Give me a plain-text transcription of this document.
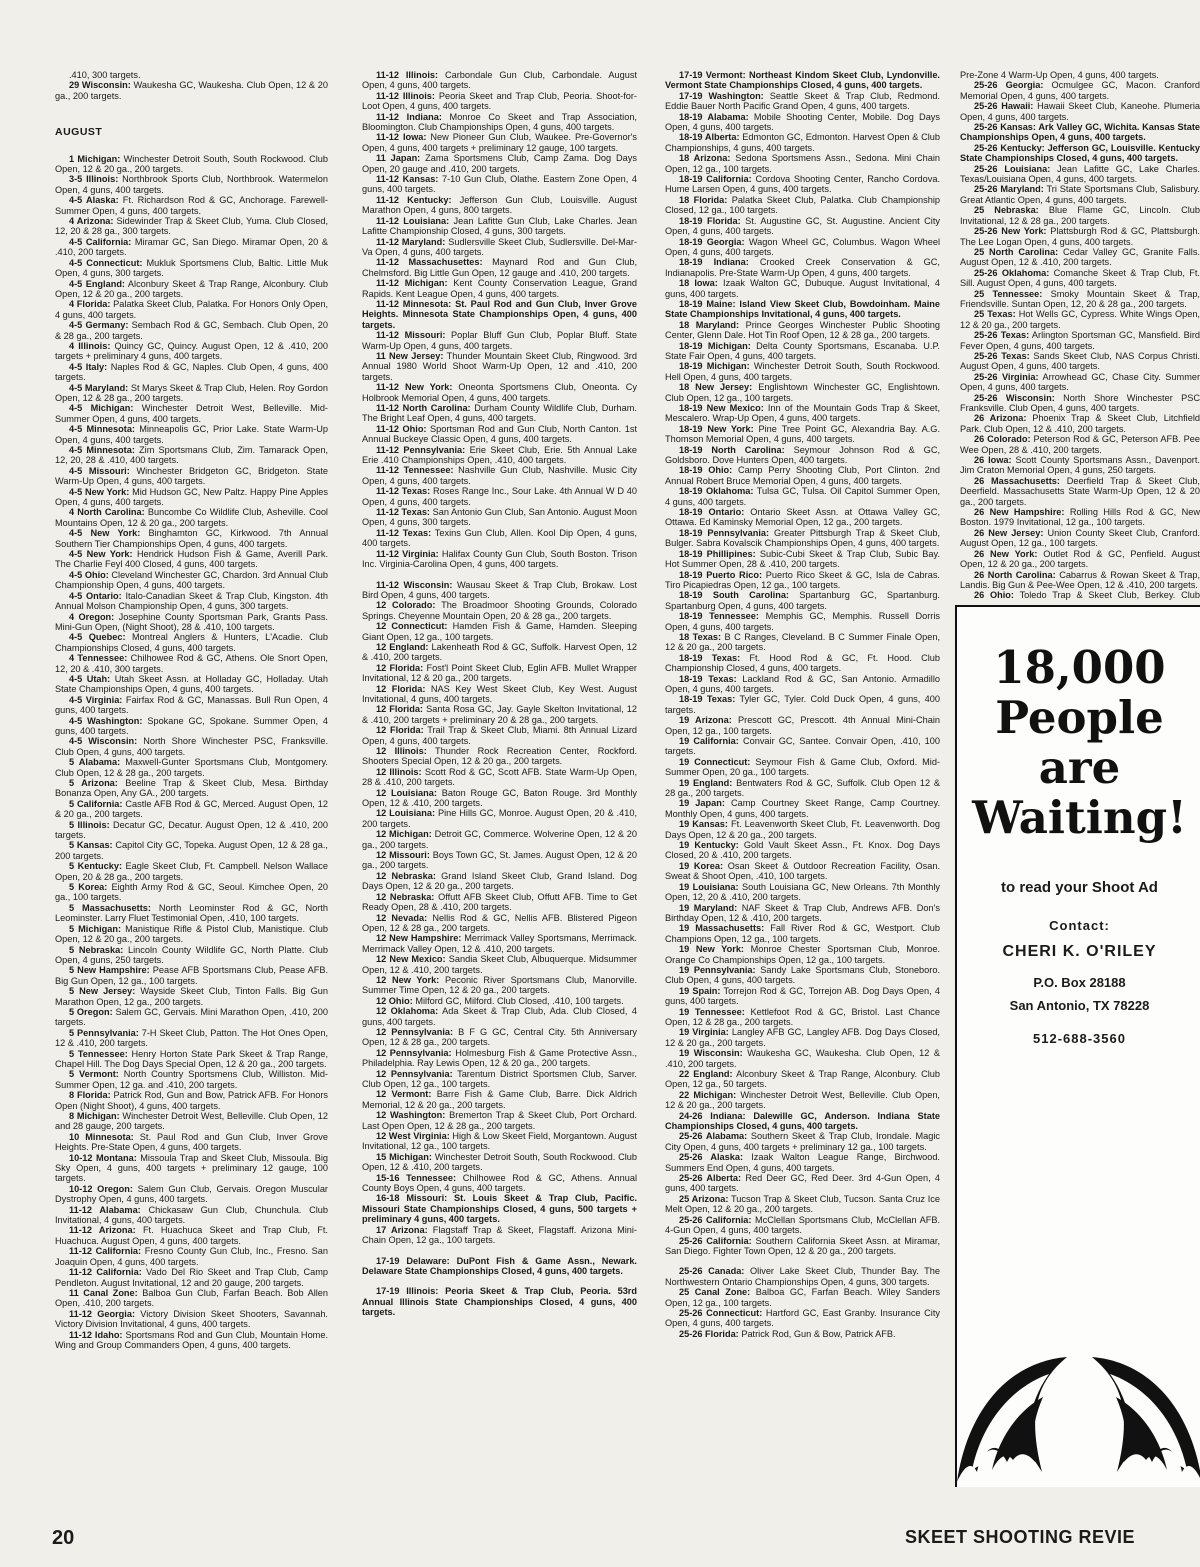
.410, 300 targets.

29 Wisconsin: Waukesha GC, Waukesha. Club Open, 12 & 20 ga., 200 targets.

AUGUST

1 Michigan: Winchester Detroit South, South Rockwood. Club Open, 12 & 20 ga., 200 targets.

3-5 Illinois: Northbrook Sports Club, Northbrook. Watermelon Open, 4 guns, 400 targets.

4-5 Alaska: Ft. Richardson Rod & GC, Anchorage. Farewell-Summer Open, 4 guns, 400 targets.

4 Arizona: Sidewinder Trap & Skeet Club, Yuma. Club Closed, 12, 20 & 28 ga., 300 targets.

4-5 California: Miramar GC, San Diego. Miramar Open, 20 & .410, 200 targets.

4-5 Connecticut: Mukluk Sportsmens Club, Baltic. Little Muk Open, 4 guns, 300 targets.

4-5 England: Alconbury Skeet & Trap Range, Alconbury. Club Open, 12 & 20 ga., 200 targets.

4 Florida: Palatka Skeet Club, Palatka. For Honors Only Open, 4 guns, 400 targets.

4-5 Germany: Sembach Rod & GC, Sembach. Club Open, 20 & 28 ga., 200 targets.

4 Illinois: Quincy GC, Quincy. August Open, 12 & .410, 200 targets + preliminary 4 guns, 400 targets.

4-5 Italy: Naples Rod & GC, Naples. Club Open, 4 guns, 400 targets.

4-5 Maryland: St Marys Skeet & Trap Club, Helen. Roy Gordon Open, 12 & 28 ga., 200 targets.

4-5 Michigan: Winchester Detroit West, Belleville. Mid-Summer Open, 4 guns, 400 targets.

4-5 Minnesota: Minneapolis GC, Prior Lake. State Warm-Up Open, 4 guns, 400 targets.

4-5 Minnesota: Zim Sportsmans Club, Zim. Tamarack Open, 12, 20, 28 & .410, 400 targets.

4-5 Missouri: Winchester Bridgeton GC, Bridgeton. State Warm-Up Open, 4 guns, 400 targets.

4-5 New York: Mid Hudson GC, New Paltz. Happy Pine Apples Open, 4 guns, 400 targets.

4 North Carolina: Buncombe Co Wildlife Club, Asheville. Cool Mountains Open, 12 & 20 ga., 200 targets.

4-5 New York: Binghamton GC, Kirkwood. 7th Annual Southern Tier Championships Open, 4 guns, 400 targets.

4-5 New York: Hendrick Hudson Fish & Game, Averill Park. The Charlie Feyl 400 Closed, 4 guns, 400 targets.

4-5 Ohio: Cleveland Winchester GC, Chardon. 3rd Annual Club Championship Open, 4 guns, 400 targets.

4-5 Ontario: Italo-Canadian Skeet & Trap Club, Kingston. 4th Annual Molson Championship Open, 4 guns, 300 targets.

4 Oregon: Josephine County Sportsman Park, Grants Pass. Mini-Gun Open, (Night Shoot), 28 & .410, 100 targets.

4-5 Quebec: Montreal Anglers & Hunters, L'Acadie. Club Championships Closed, 4 guns, 400 targets.

4 Tennessee: Chilhowee Rod & GC, Athens. Ole Snort Open, 12, 20 & .410, 300 targets.

4-5 Utah: Utah Skeet Assn. at Holladay GC, Holladay. Utah State Championships Open, 4 guns, 400 targets.

4-5 Virginia: Fairfax Rod & GC, Manassas. Bull Run Open, 4 guns, 400 targets.

4-5 Washington: Spokane GC, Spokane. Summer Open, 4 guns, 400 targets.

4-5 Wisconsin: North Shore Winchester PSC, Franksville. Club Open, 4 guns, 400 targets.

5 Alabama: Maxwell-Gunter Sportsmans Club, Montgomery. Club Open, 12 & 28 ga., 200 targets.

5 Arizona: Beeline Trap & Skeet Club, Mesa. Birthday Bonanza Open, Any GA., 200 targets.

5 California: Castle AFB Rod & GC, Merced. August Open, 12 & 20 ga., 200 targets.

5 Illinois: Decatur GC, Decatur. August Open, 12 & .410, 200 targets.

5 Kansas: Capitol City GC, Topeka. August Open, 12 & 28 ga., 200 targets.

5 Kentucky: Eagle Skeet Club, Ft. Campbell. Nelson Wallace Open, 20 & 28 ga., 200 targets.

5 Korea: Eighth Army Rod & GC, Seoul. Kimchee Open, 20 ga., 100 targets.

5 Massachusetts: North Leominster Rod & GC, North Leominster. Larry Fluet Testimonial Open, .410, 100 targets.

5 Michigan: Manistique Rifle & Pistol Club, Manistique. Club Open, 12 & 20 ga., 200 targets.

5 Nebraska: Lincoln County Wildlife GC, North Platte. Club Open, 4 guns, 250 targets.

5 New Hampshire: Pease AFB Sportsmans Club, Pease AFB. Big Gun Open, 12 ga., 100 targets.

5 New Jersey: Wayside Skeet Club, Tinton Falls. Big Gun Marathon Open, 12 ga., 200 targets.

5 Oregon: Salem GC, Gervais. Mini Marathon Open, .410, 200 targets.

5 Pennsylvania: 7-H Skeet Club, Patton. The Hot Ones Open, 12 & .410, 200 targets.

5 Tennessee: Henry Horton State Park Skeet & Trap Range, Chapel Hill. The Dog Days Special Open, 12 & 20 ga., 200 targets.

5 Vermont: North Country Sportsmens Club, Williston. Mid-Summer Open, 12 ga. and .410, 200 targets.

8 Florida: Patrick Rod, Gun and Bow, Patrick AFB. For Honors Open (Night Shoot), 4 guns, 400 targets.

8 Michigan: Winchester Detroit West, Belleville. Club Open, 12 and 28 gauge, 200 targets.

10 Minnesota: St. Paul Rod and Gun Club, Inver Grove Heights. Pre-State Open, 4 guns, 400 targets.

10-12 Montana: Missoula Trap and Skeet Club, Missoula. Big Sky Open, 4 guns, 400 targets + preliminary 12 gauge, 100 targets.

10-12 Oregon: Salem Gun Club, Gervais. Oregon Muscular Dystrophy Open, 4 guns, 400 targets.

11-12 Alabama: Chickasaw Gun Club, Chunchula. Club Invitational, 4 guns, 400 targets.

11-12 Arizona: Ft. Huachuca Skeet and Trap Club, Ft. Huachuca. August Open, 4 guns, 400 targets.

11-12 California: Fresno County Gun Club, Inc., Fresno. San Joaquin Open, 4 guns, 400 targets.

11-12 California: Vado Del Rio Skeet and Trap Club, Camp Pendleton. August Invitational, 12 and 20 gauge, 200 targets.

11 Canal Zone: Balboa Gun Club, Farfan Beach. Bob Allen Open, .410, 200 targets.

11-12 Georgia: Victory Division Skeet Shooters, Savannah. Victory Division Invitational, 4 guns, 400 targets.

11-12 Idaho: Sportsmans Rod and Gun Club, Mountain Home. Wing and Group Commanders Open, 4 guns, 400 targets.

11-12 Illinois: Carbondale Gun Club, Carbondale. August Open, 4 guns, 400 targets.

11-12 Illinois: Peoria Skeet and Trap Club, Peoria. Shoot-for-Loot Open, 4 guns, 400 targets.

11-12 Indiana: Monroe Co Skeet and Trap Association, Bloomington. Club Championships Open, 4 guns, 400 targets.

11-12 Iowa: New Pioneer Gun Club, Waukee. Pre-Governor's Open, 4 guns, 400 targets + preliminary 12 gauge, 100 targets.

11 Japan: Zama Sportsmens Club, Camp Zama. Dog Days Open, 20 gauge and .410, 200 targets.

11-12 Kansas: 7-10 Gun Club, Olathe. Eastern Zone Open, 4 guns, 400 targets.

11-12 Kentucky: Jefferson Gun Club, Louisville. August Marathon Open, 4 guns, 800 targets.

11-12 Louisiana: Jean Lafitte Gun Club, Lake Charles. Jean Lafitte Championship Closed, 4 guns, 300 targets.

11-12 Maryland: Sudlersville Skeet Club, Sudlersville. Del-Mar-Va Open, 4 guns, 400 targets.

11-12 Massachusettes: Maynard Rod and Gun Club, Chelmsford. Big Little Gun Open, 12 gauge and .410, 200 targets.

11-12 Michigan: Kent County Conservation League, Grand Rapids. Kent League Open, 4 guns, 400 targets.

11-12 Minnesota: St. Paul Rod and Gun Club, Inver Grove Heights. Minnesota State Championships Open, 4 guns, 400 targets.

11-12 Missouri: Poplar Bluff Gun Club, Poplar Bluff. State Warm-Up Open, 4 guns, 400 targets.

11 New Jersey: Thunder Mountain Skeet Club, Ringwood. 3rd Annual 1980 World Shoot Warm-Up Open, 12 and .410, 200 targets.

11-12 New York: Oneonta Sportsmens Club, Oneonta. Cy Holbrook Memorial Open, 4 guns, 400 targets.

11-12 North Carolina: Durham County Wildlife Club, Durham. The Bright Leaf Open, 4 guns, 400 targets.

11-12 Ohio: Sportsman Rod and Gun Club, North Canton. 1st Annual Buckeye Classic Open, 4 guns, 400 targets.

11-12 Pennsylvania: Erie Skeet Club, Erie. 5th Annual Lake Erie .410 Championships Open, .410, 400 targets.

11-12 Tennessee: Nashville Gun Club, Nashville. Music City Open, 4 guns, 400 targets.

11-12 Texas: Roses Range Inc., Sour Lake. 4th Annual W D 40 Open, 4 guns, 400 targets.

11-12 Texas: San Antonio Gun Club, San Antonio. August Moon Open, 4 guns, 300 targets.

11-12 Texas: Texins Gun Club, Allen. Kool Dip Open, 4 guns, 400 targets.

11-12 Virginia: Halifax County Gun Club, South Boston. Trison Inc. Virginia-Carolina Open, 4 guns, 400 targets.

11-12 Wisconsin: Wausau Skeet & Trap Club, Brokaw. Lost Bird Open, 4 guns, 400 targets.

12 Colorado: The Broadmoor Shooting Grounds, Colorado Springs. Cheyenne Mountain Open, 20 & 28 ga., 200 targets.

12 Connecticut: Hamden Fish & Game, Hamden. Sleeping Giant Open, 12 ga., 100 targets.

12 England: Lakenheath Rod & GC, Suffolk. Harvest Open, 12 & .410, 200 targets.

12 Florida: Fost'l Point Skeet Club, Eglin AFB. Mullet Wrapper Invitational, 12 & 20 ga., 200 targets.

12 Florida: NAS Key West Skeet Club, Key West. August Invitational, 4 guns, 400 targets.

12 Florida: Santa Rosa GC, Jay. Gayle Skelton Invitational, 12 & .410, 200 targets + preliminary 20 & 28 ga., 200 targets.

12 Florida: Trail Trap & Skeet Club, Miami. 8th Annual Lizard Open, 4 guns, 400 targets.

12 Illinois: Thunder Rock Recreation Center, Rockford. Shooters Special Open, 12 & 20 ga., 200 targets.

12 Illinois: Scott Rod & GC, Scott AFB. State Warm-Up Open, 28 & .410, 200 targets.

12 Louisiana: Baton Rouge GC, Baton Rouge. 3rd Monthly Open, 12 & .410, 200 targets.

12 Louisiana: Pine Hills GC, Monroe. August Open, 20 & .410, 200 targets.

12 Michigan: Detroit GC, Commerce. Wolverine Open, 12 & 20 ga., 200 targets.

12 Missouri: Boys Town GC, St. James. August Open, 12 & 20 ga., 200 targets.

12 Nebraska: Grand Island Skeet Club, Grand Island. Dog Days Open, 12 & 20 ga., 200 targets.

12 Nebraska: Offutt AFB Skeet Club, Offutt AFB. Time to Get Ready Open, 28 & .410, 200 targets.

12 Nevada: Nellis Rod & GC, Nellis AFB. Blistered Pigeon Open, 12 & 28 ga., 200 targets.

12 New Hampshire: Merrimack Valley Sportsmans, Merrimack. Merrimack Valley Open, 12 & .410, 200 targets.

12 New Mexico: Sandia Skeet Club, Albuquerque. Midsummer Open, 12 & .410, 200 targets.

12 New York: Peconic River Sportsmans Club, Manorville. Summer Time Open, 12 & 20 ga., 200 targets.

12 Ohio: Milford GC, Milford. Club Closed, .410, 100 targets.

12 Oklahoma: Ada Skeet & Trap Club, Ada. Club Closed, 4 guns, 400 targets.

12 Pennsylvania: B F G GC, Central City. 5th Anniversary Open, 12 & 28 ga., 200 targets.

12 Pennsylvania: Holmesburg Fish & Game Protective Assn., Philadelphia. Ray Lewis Open, 12 & 20 ga., 200 targets.

12 Pennsylvania: Tarentum District Sportsmen Club, Sarver. Club Open, 12 ga., 100 targets.

12 Vermont: Barre Fish & Game Club, Barre. Dick Aldrich Memorial, 12 & 20 ga., 200 targets.

12 Washington: Bremerton Trap & Skeet Club, Port Orchard. Last Open Open, 12 & 28 ga., 200 targets.

12 West Virginia: High & Low Skeet Field, Morgantown. August Invitational, 12 ga., 100 targets.

15 Michigan: Winchester Detroit South, South Rockwood. Club Open, 12 & .410, 200 targets.

15-16 Tennessee: Chilhowee Rod & GC, Athens. Annual County Boys Open, 4 guns, 400 targets.

16-18 Missouri: St. Louis Skeet & Trap Club, Pacific. Missouri State Championships Closed, 4 guns, 500 targets + preliminary 4 guns, 400 targets.

17 Arizona: Flagstaff Trap & Skeet, Flagstaff. Arizona Mini-Chain Open, 12 ga., 100 targets.

17-19 Delaware: DuPont Fish & Game Assn., Newark. Delaware State Championships Closed, 4 guns, 400 targets.

17-19 Illinois: Peoria Skeet & Trap Club, Peoria. 53rd Annual Illinois State Championships Closed, 4 guns, 400 targets.

17-19 Vermont: Northeast Kindom Skeet Club, Lyndonville. Vermont State Championships Closed, 4 guns, 400 targets.

17-19 Washington: Seattle Skeet & Trap Club, Redmond. Eddie Bauer North Pacific Grand Open, 4 guns, 400 targets.

18-19 Alabama: Mobile Shooting Center, Mobile. Dog Days Open, 4 guns, 400 targets.

18-19 Alberta: Edmonton GC, Edmonton. Harvest Open & Club Championships, 4 guns, 400 targets.

18 Arizona: Sedona Sportsmens Assn., Sedona. Mini Chain Open, 12 ga., 100 targets.

18-19 California: Cordova Shooting Center, Rancho Cordova. Hume Larsen Open, 4 guns, 400 targets.

18 Florida: Palatka Skeet Club, Palatka. Club Championship Closed, 12 ga., 100 targets.

18-19 Florida: St. Augustine GC, St. Augustine. Ancient City Open, 4 guns, 400 targets.

18-19 Georgia: Wagon Wheel GC, Columbus. Wagon Wheel Open, 4 guns, 400 targets.

18-19 Indiana: Crooked Creek Conservation & GC, Indianapolis. Pre-State Warm-Up Open, 4 guns, 400 targets.

18 Iowa: Izaak Walton GC, Dubuque. August Invitational, 4 guns, 400 targets.

18-19 Maine: Island View Skeet Club, Bowdoinham. Maine State Championships Invitational, 4 guns, 400 targets.

18 Maryland: Prince Georges Winchester Public Shooting Center, Glenn Dale. Hot Tin Roof Open, 12 & 28 ga., 200 targets.

18-19 Michigan: Delta County Sportsmans, Escanaba. U.P. State Fair Open, 4 guns, 400 targets.

18-19 Michigan: Winchester Detroit South, South Rockwood. Hell Open, 4 guns, 400 targets.

18 New Jersey: Englishtown Winchester GC, Englishtown. Club Open, 12 ga., 100 targets.

18-19 New Mexico: Inn of the Mountain Gods Trap & Skeet, Mescalero. Wrap-Up Open, 4 guns, 400 targets.

18-19 New York: Pine Tree Point GC, Alexandria Bay. A.G. Thomson Memorial Open, 4 guns, 400 targets.

18-19 North Carolina: Seymour Johnson Rod & GC, Goldsboro. Dove Hunters Open, 400 targets.

18-19 Ohio: Camp Perry Shooting Club, Port Clinton. 2nd Annual Robert Bruce Memorial Open, 4 guns, 400 targets.

18-19 Oklahoma: Tulsa GC, Tulsa. Oil Capitol Summer Open, 4 guns, 400 targets.

18-19 Ontario: Ontario Skeet Assn. at Ottawa Valley GC, Ottawa. Ed Kaminsky Memorial Open, 12 ga., 200 targets.

18-19 Pennsylvania: Greater Pittsburgh Trap & Skeet Club, Bulger. Sabra Kovalscik Championships Open, 4 guns, 400 targets.

18-19 Phillipines: Subic-Cubi Skeet & Trap Club, Subic Bay. Hot Summer Open, 28 & .410, 200 targets.

18-19 Puerto Rico: Puerto Rico Skeet & GC, Isla de Cabras. Tiro Picapiedras Open, 12 ga., 100 targets.

18-19 South Carolina: Spartanburg GC, Spartanburg. Spartanburg Open, 4 guns, 400 targets.

18-19 Tennessee: Memphis GC, Memphis. Russell Dorris Open, 4 guns, 400 targets.

18 Texas: B C Ranges, Cleveland. B C Summer Finale Open, 12 & 20 ga., 200 targets.

18-19 Texas: Ft. Hood Rod & GC, Ft. Hood. Club Championship Closed, 4 guns, 400 targets.

18-19 Texas: Lackland Rod & GC, San Antonio. Armadillo Open, 4 guns, 400 targets.

18-19 Texas: Tyler GC, Tyler. Cold Duck Open, 4 guns, 400 targets.

19 Arizona: Prescott GC, Prescott. 4th Annual Mini-Chain Open, 12 ga., 100 targets.

19 California: Convair GC, Santee. Convair Open, .410, 100 targets.

19 Connecticut: Seymour Fish & Game Club, Oxford. Mid-Summer Open, 20 ga., 100 targets.

19 England: Bentwaters Rod & GC, Suffolk. Club Open 12 & 28 ga., 200 targets.

19 Japan: Camp Courtney Skeet Range, Camp Courtney. Monthly Open, 4 guns, 400 targets.

19 Kansas: Ft. Leavenworth Skeet Club, Ft. Leavenworth. Dog Days Open, 12 & 20 ga., 200 targets.

19 Kentucky: Gold Vault Skeet Assn., Ft. Knox. Dog Days Closed, 20 & .410, 200 targets.

19 Korea: Osan Skeet & Outdoor Recreation Facility, Osan. Sweat & Shoot Open, .410, 100 targets.

19 Louisiana: South Louisiana GC, New Orleans. 7th Monthly Open, 12, 20 & .410, 200 targets.

19 Maryland: NAF Skeet & Trap Club, Andrews AFB. Don's Birthday Open, 12 & .410, 200 targets.

19 Massachusetts: Fall River Rod & GC, Westport. Club Champions Open, 12 ga., 100 targets.

19 New York: Monroe Chester Sportsman Club, Monroe. Orange Co Championships Open, 12 ga., 100 targets.

19 Pennsylvania: Sandy Lake Sportsmans Club, Stoneboro. Club Open, 4 guns, 400 targets.

19 Spain: Torrejon Rod & GC, Torrejon AB. Dog Days Open, 4 guns, 400 targets.

19 Tennessee: Kettlefoot Rod & GC, Bristol. Last Chance Open, 12 & 28 ga., 200 targets.

19 Virginia: Langley AFB GC, Langley AFB. Dog Days Closed, 12 & 20 ga., 200 targets.

19 Wisconsin: Waukesha GC, Waukesha. Club Open, 12 & .410, 200 targets.

22 England: Alconbury Skeet & Trap Range, Alconbury. Club Open, 12 ga., 50 targets.

22 Michigan: Winchester Detroit West, Belleville. Club Open, 12 & 20 ga., 200 targets.

24-26 Indiana: Dalewille GC, Anderson. Indiana State Championships Closed, 4 guns, 400 targets.

25-26 Alabama: Southern Skeet & Trap Club, Irondale. Magic City Open, 4 guns, 400 targets + preliminary 12 ga., 100 targets.

25-26 Alaska: Izaak Walton League Range, Birchwood. Summers End Open, 4 guns, 400 targets.

25-26 Alberta: Red Deer GC, Red Deer. 3rd 4-Gun Open, 4 guns, 400 targets.

25 Arizona: Tucson Trap & Skeet Club, Tucson. Santa Cruz Ice Melt Open, 12 & 20 ga., 200 targets.

25-26 California: McClellan Sportsmans Club, McClellan AFB. 4-Gun Open, 4 guns, 400 targets.

25-26 California: Southern California Skeet Assn. at Miramar, San Diego. Fighter Town Open, 12 & 20 ga., 200 targets.

25-26 Canada: Oliver Lake Skeet Club, Thunder Bay. The Northwestern Ontario Championships Open, 4 guns, 300 targets.

25 Canal Zone: Balboa GC, Farfan Beach. Wiley Sanders Open, 12 ga., 100 targets.

25-26 Connecticut: Hartford GC, East Granby. Insurance City Open, 4 guns, 400 targets.

25-26 Florida: Patrick Rod, Gun & Bow, Patrick AFB.

Pre-Zone 4 Warm-Up Open, 4 guns, 400 targets.

25-26 Georgia: Ocmulgee GC, Macon. Cranford Memorial Open, 4 guns, 400 targets.

25-26 Hawaii: Hawaii Skeet Club, Kaneohe. Plumeria Open, 4 guns, 400 targets.

25-26 Kansas: Ark Valley GC, Wichita. Kansas State Championships Open, 4 guns, 400 targets.

25-26 Kentucky: Jefferson GC, Louisville. Kentucky State Championships Closed, 4 guns, 400 targets.

25-26 Louisiana: Jean Lafitte GC, Lake Charles. Texas/Louisiana Open, 4 guns, 400 targets.

25-26 Maryland: Tri State Sportsmans Club, Salisbury. Great Atlantic Open, 4 guns, 400 targets.

25 Nebraska: Blue Flame GC, Lincoln. Club Invitational, 12 & 28 ga., 200 targets.

25-26 New York: Plattsburgh Rod & GC, Plattsburgh. The Lee Logan Open, 4 guns, 400 targets.

25 North Carolina: Cedar Valley GC, Granite Falls. August Open, 12 & .410, 200 targets.

25-26 Oklahoma: Comanche Skeet & Trap Club, Ft. Sill. August Open, 4 guns, 400 targets.

25 Tennessee: Smoky Mountain Skeet & Trap, Friendsville. Suntan Open, 12, 20 & 28 ga., 200 targets.

25 Texas: Hot Wells GC, Cypress. White Wings Open, 12 & 20 ga., 200 targets.

25-26 Texas: Arlington Sportsman GC, Mansfield. Bird Fever Open, 4 guns, 400 targets.

25-26 Texas: Sands Skeet Club, NAS Corpus Christi. August Open, 4 guns, 400 targets.

25-26 Virginia: Arrowhead GC, Chase City. Summer Open, 4 guns, 400 targets.

25-26 Wisconsin: North Shore Winchester PSC Franksville. Club Open, 4 guns, 400 targets.

26 Arizona: Phoenix Trap & Skeet Club, Litchfield Park. Club Open, 12 & .410, 200 targets.

26 Colorado: Peterson Rod & GC, Peterson AFB. Pee Wee Open, 28 & .410, 200 targets.

26 Iowa: Scott County Sportsmans Assn., Davenport. Jim Craton Memorial Open, 4 guns, 250 targets.

26 Massachusetts: Deerfield Trap & Skeet Club, Deerfield. Massachusetts State Warm-Up Open, 12 & 20 ga., 200 targets.

26 New Hampshire: Rolling Hills Rod & GC, New Boston. 1979 Invitational, 12 ga., 100 targets.

26 New Jersey: Union County Skeet Club, Cranford. August Open, 12 ga., 100 targets.

26 New York: Outlet Rod & GC, Penfield. August Open, 12 & 20 ga., 200 targets.

26 North Carolina: Cabarrus & Rowan Skeet & Trap, Landis. Big Gun & Pee-Wee Open, 12 & .410, 200 targets.

26 Ohio: Toledo Trap & Skeet Club, Berkey. Club

18,000
People
are
Waiting!
to read your Shoot Ad
Contact:
CHERI K. O'RILEY
P.O. Box 28188
San Antonio, TX 78228
512-688-3560
20	SKEET SHOOTING REVIE
